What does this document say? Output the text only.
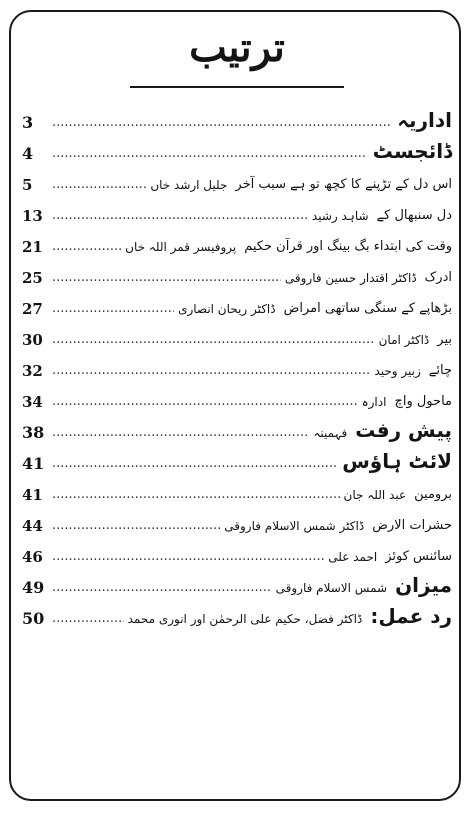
ترتیب
اداریہ
.....
3
ڈائجسٹ
.....
4
اس دل کے تڑپنے کا کچھ تو ہے سبب آخر
جلیل ارشد خاں
.....
5
دل سنبھال کے
شاہد رشید
.....
13
وقت کی ابتداء بگ بینگ اور قرآن حکیم
پروفیسر قمر اللہ خاں
.....
21
ادرک
ڈاکٹر اقتدار حسین فاروقی
.....
25
بڑھاپے کے سنگی ساتھی امراض
ڈاکٹر ریحان انصاری
.....
27
بیر
ڈاکٹر امان
.....
30
چائے
زبیر وحید
.....
32
ماحول واچ
ادارہ
.....
34
پیش رفت
فہمینہ
.....
38
لائٹ ہاؤس
.....
41
برومین
عبد اللہ جان
.....
41
حشرات الارض
ڈاکٹر شمس الاسلام فاروقی
.....
44
سائنس کوئز
احمد علی
.....
46
میزان
شمس الاسلام فاروقی
.....
49
رد عمل:
ڈاکٹر فضل، حکیم علی الرحمٰن اور انوری محمد
.....
50
